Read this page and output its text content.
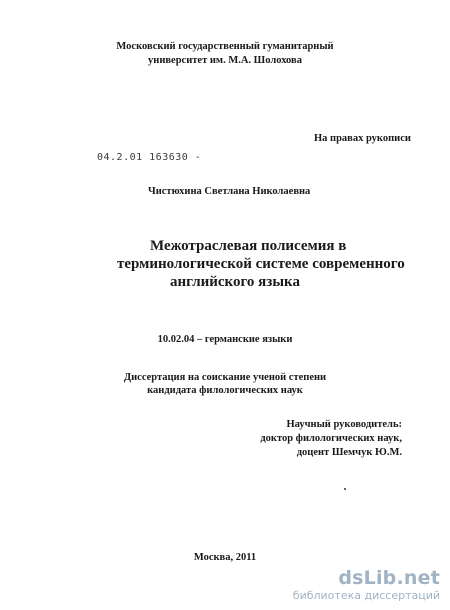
Московский государственный гуманитарный
университет им. М.А. Шолохова
На правах рукописи
04.2.01 163630 -
Чистюхина Светлана Николаевна
Межотраслевая полисемия в
терминологической системе современного
английского языка
10.02.04 – германские языки
Диссертация на соискание ученой степени
кандидата филологических наук
Научный руководитель:
доктор филологических наук,
доцент Шемчук Ю.М.
Москва, 2011
dsLib.net
библиотека диссертаций
